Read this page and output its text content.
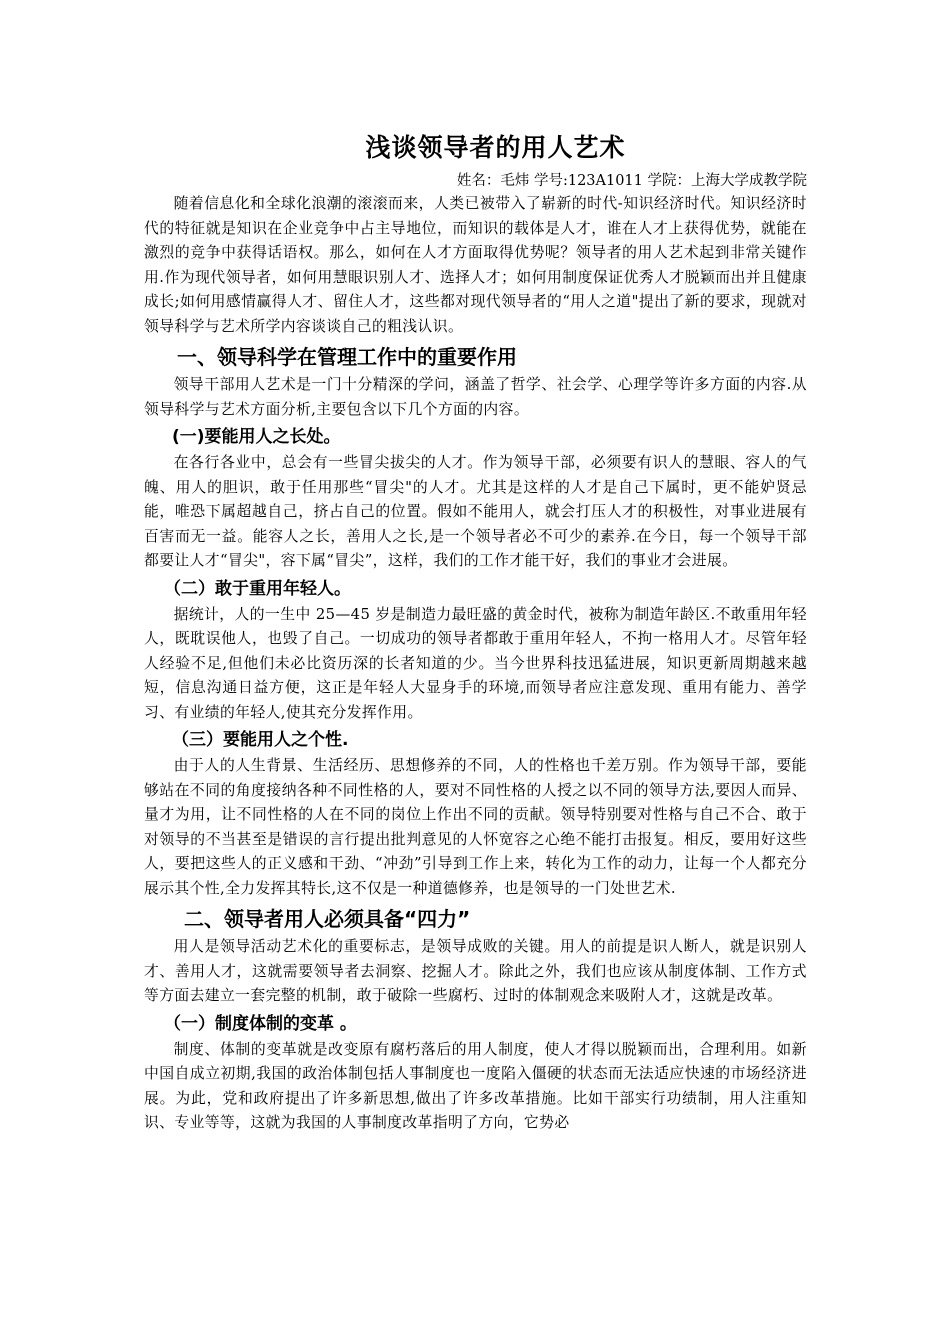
浅谈领导者的用人艺术
姓名：毛炜 学号:123A1011 学院：上海大学成教学院

随着信息化和全球化浪潮的滚滚而来，人类已被带入了崭新的时代-知识经济时代。知识经济时代的特征就是知识在企业竞争中占主导地位，而知识的载体是人才，谁在人才上获得优势，就能在激烈的竞争中获得话语权。那么，如何在人才方面取得优势呢？领导者的用人艺术起到非常关键作用.作为现代领导者，如何用慧眼识别人才、选择人才；如何用制度保证优秀人才脱颖而出并且健康成长;如何用感情赢得人才、留住人才，这些都对现代领导者的“用人之道"提出了新的要求，现就对领导科学与艺术所学内容谈谈自己的粗浅认识。

一、领导科学在管理工作中的重要作用

领导干部用人艺术是一门十分精深的学问，涵盖了哲学、社会学、心理学等许多方面的内容.从领导科学与艺术方面分析,主要包含以下几个方面的内容。

(一)要能用人之长处。

在各行各业中，总会有一些冒尖拔尖的人才。作为领导干部，必须要有识人的慧眼、容人的气魄、用人的胆识，敢于任用那些“冒尖"的人才。尤其是这样的人才是自己下属时，更不能妒贤忌能，唯恐下属超越自己，挤占自己的位置。假如不能用人，就会打压人才的积极性，对事业进展有百害而无一益。能容人之长，善用人之长,是一个领导者必不可少的素养.在今日，每一个领导干部都要让人才“冒尖"，容下属“冒尖”，这样，我们的工作才能干好，我们的事业才会进展。

（二）敢于重用年轻人。

据统计，人的一生中 25—45 岁是制造力最旺盛的黄金时代，被称为制造年龄区.不敢重用年轻人，既耽误他人，也毁了自己。一切成功的领导者都敢于重用年轻人，不拘一格用人才。尽管年轻人经验不足,但他们未必比资历深的长者知道的少。当今世界科技迅猛进展，知识更新周期越来越短，信息沟通日益方便，这正是年轻人大显身手的环境,而领导者应注意发现、重用有能力、善学习、有业绩的年轻人,使其充分发挥作用。

（三）要能用人之个性.

由于人的人生背景、生活经历、思想修养的不同，人的性格也千差万别。作为领导干部，要能够站在不同的角度接纳各种不同性格的人，要对不同性格的人授之以不同的领导方法,要因人而异、量才为用，让不同性格的人在不同的岗位上作出不同的贡献。领导特别要对性格与自己不合、敢于对领导的不当甚至是错误的言行提出批判意见的人怀宽容之心绝不能打击报复。相反，要用好这些人，要把这些人的正义感和干劲、“冲劲”引导到工作上来，转化为工作的动力，让每一个人都充分展示其个性,全力发挥其特长,这不仅是一种道德修养，也是领导的一门处世艺术.

二、领导者用人必须具备“四力”

用人是领导活动艺术化的重要标志，是领导成败的关键。用人的前提是识人断人，就是识别人才、善用人才，这就需要领导者去洞察、挖掘人才。除此之外，我们也应该从制度体制、工作方式等方面去建立一套完整的机制，敢于破除一些腐朽、过时的体制观念来吸附人才，这就是改革。

（一）制度体制的变革 。

制度、体制的变革就是改变原有腐朽落后的用人制度，使人才得以脱颖而出，合理利用。如新中国自成立初期,我国的政治体制包括人事制度也一度陷入僵硬的状态而无法适应快速的市场经济进展。为此，党和政府提出了许多新思想,做出了许多改革措施。比如干部实行功绩制，用人注重知识、专业等等，这就为我国的人事制度改革指明了方向，它势必
